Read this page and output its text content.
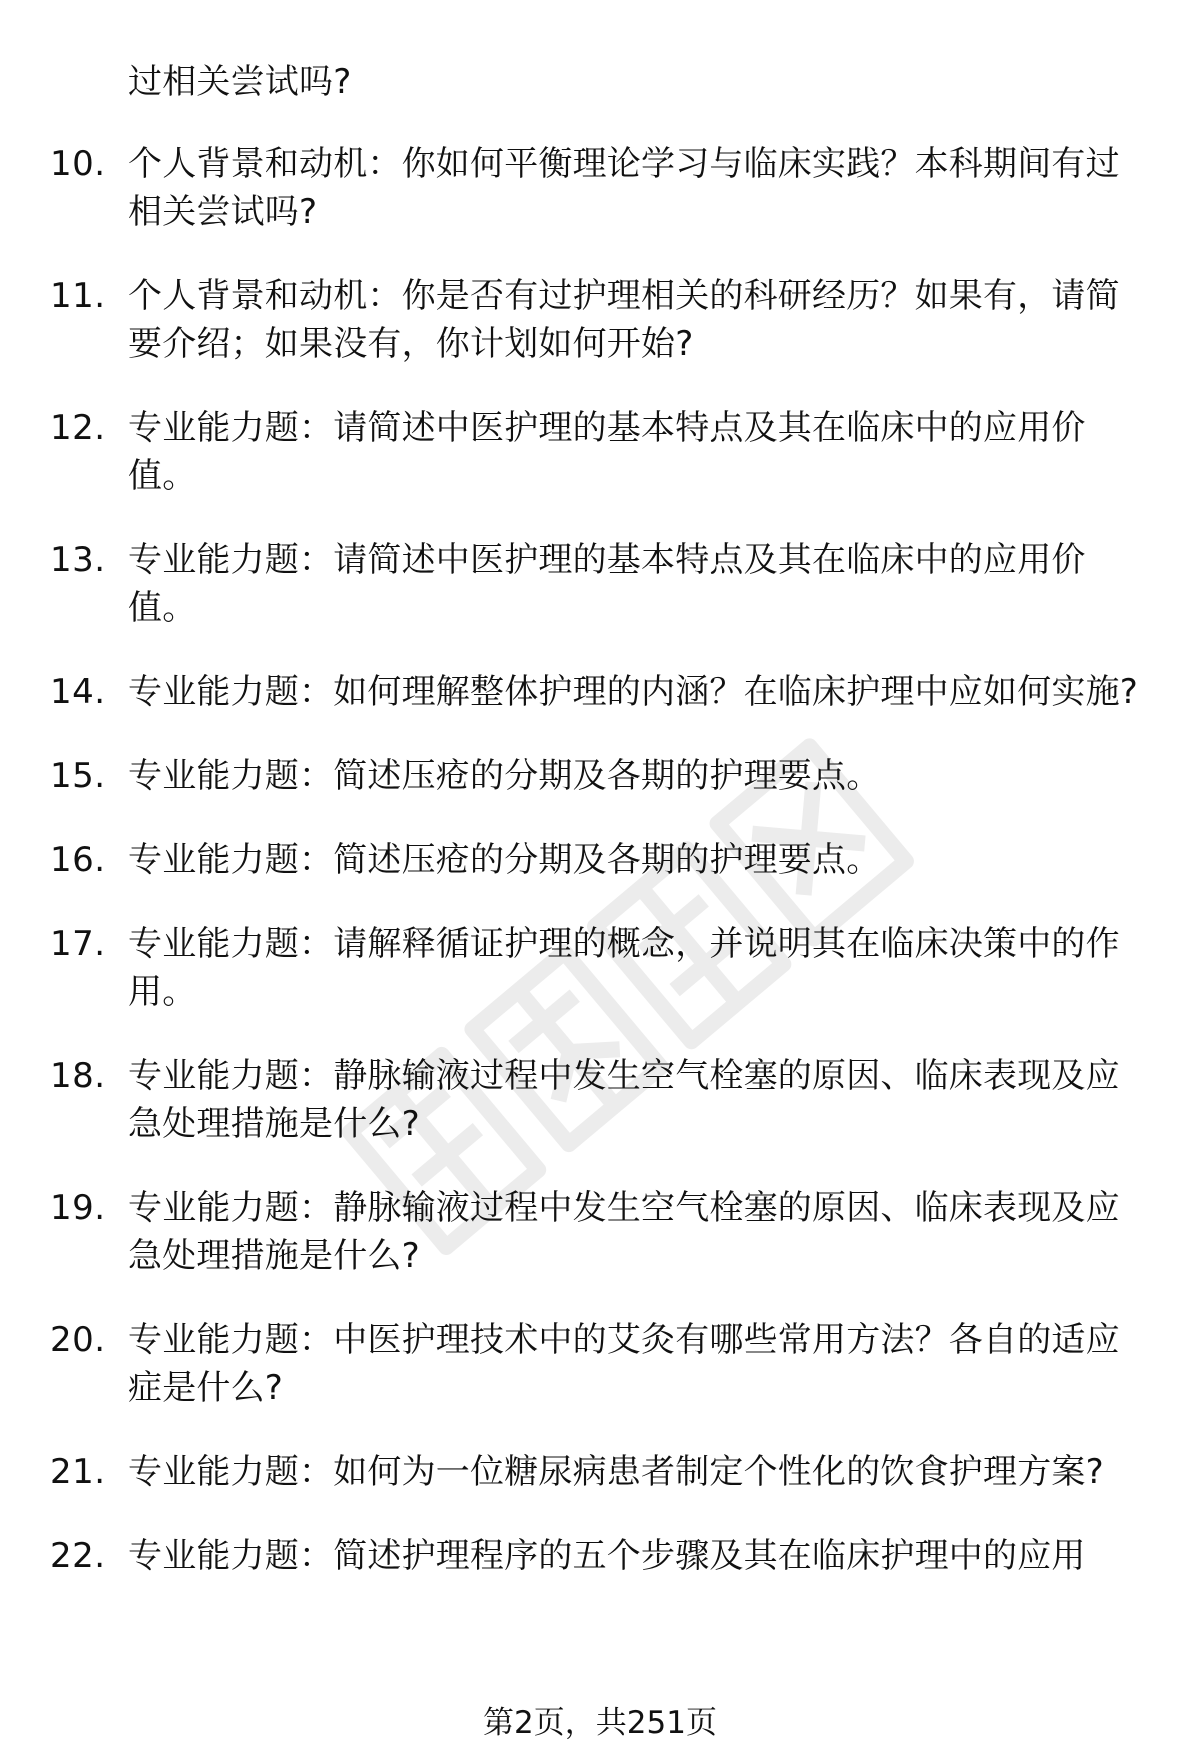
过相关尝试吗?
10. 个人背景和动机：你如何平衡理论学习与临床实践？本科期间有过相关尝试吗?
11. 个人背景和动机：你是否有过护理相关的科研经历？如果有，请简要介绍；如果没有，你计划如何开始?
12. 专业能力题：请简述中医护理的基本特点及其在临床中的应用价值。
13. 专业能力题：请简述中医护理的基本特点及其在临床中的应用价值。
14. 专业能力题：如何理解整体护理的内涵？在临床护理中应如何实施?
15. 专业能力题：简述压疮的分期及各期的护理要点。
16. 专业能力题：简述压疮的分期及各期的护理要点。
17. 专业能力题：请解释循证护理的概念，并说明其在临床决策中的作用。
18. 专业能力题：静脉输液过程中发生空气栓塞的原因、临床表现及应急处理措施是什么?
19. 专业能力题：静脉输液过程中发生空气栓塞的原因、临床表现及应急处理措施是什么?
20. 专业能力题：中医护理技术中的艾灸有哪些常用方法？各自的适应症是什么?
21. 专业能力题：如何为一位糖尿病患者制定个性化的饮食护理方案?
22. 专业能力题：简述护理程序的五个步骤及其在临床护理中的应用
第2页，共251页
